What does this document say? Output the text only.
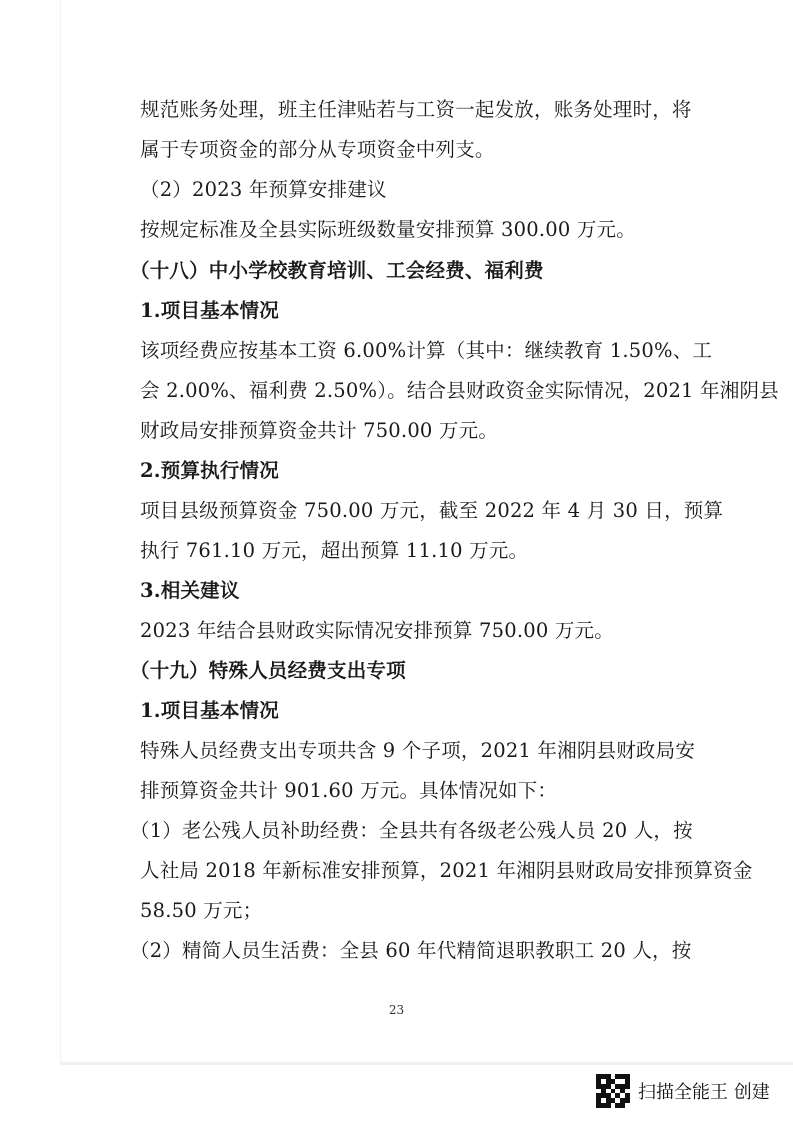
规范账务处理，班主任津贴若与工资一起发放，账务处理时，将
属于专项资金的部分从专项资金中列支。
（2）2023 年预算安排建议
按规定标准及全县实际班级数量安排预算 300.00 万元。
（十八）中小学校教育培训、工会经费、福利费
1.项目基本情况
该项经费应按基本工资 6.00%计算（其中：继续教育 1.50%、工
会 2.00%、福利费 2.50%）。结合县财政资金实际情况，2021 年湘阴县
财政局安排预算资金共计 750.00 万元。
2.预算执行情况
项目县级预算资金 750.00 万元，截至 2022 年 4 月 30 日，预算
执行 761.10 万元，超出预算 11.10 万元。
3.相关建议
2023 年结合县财政实际情况安排预算 750.00 万元。
（十九）特殊人员经费支出专项
1.项目基本情况
特殊人员经费支出专项共含 9 个子项，2021 年湘阴县财政局安
排预算资金共计 901.60 万元。具体情况如下：
（1）老公残人员补助经费：全县共有各级老公残人员 20 人，按
人社局 2018 年新标准安排预算，2021 年湘阴县财政局安排预算资金
58.50 万元；
（2）精简人员生活费：全县 60 年代精简退职教职工 20 人，按
23
扫描全能王 创建
